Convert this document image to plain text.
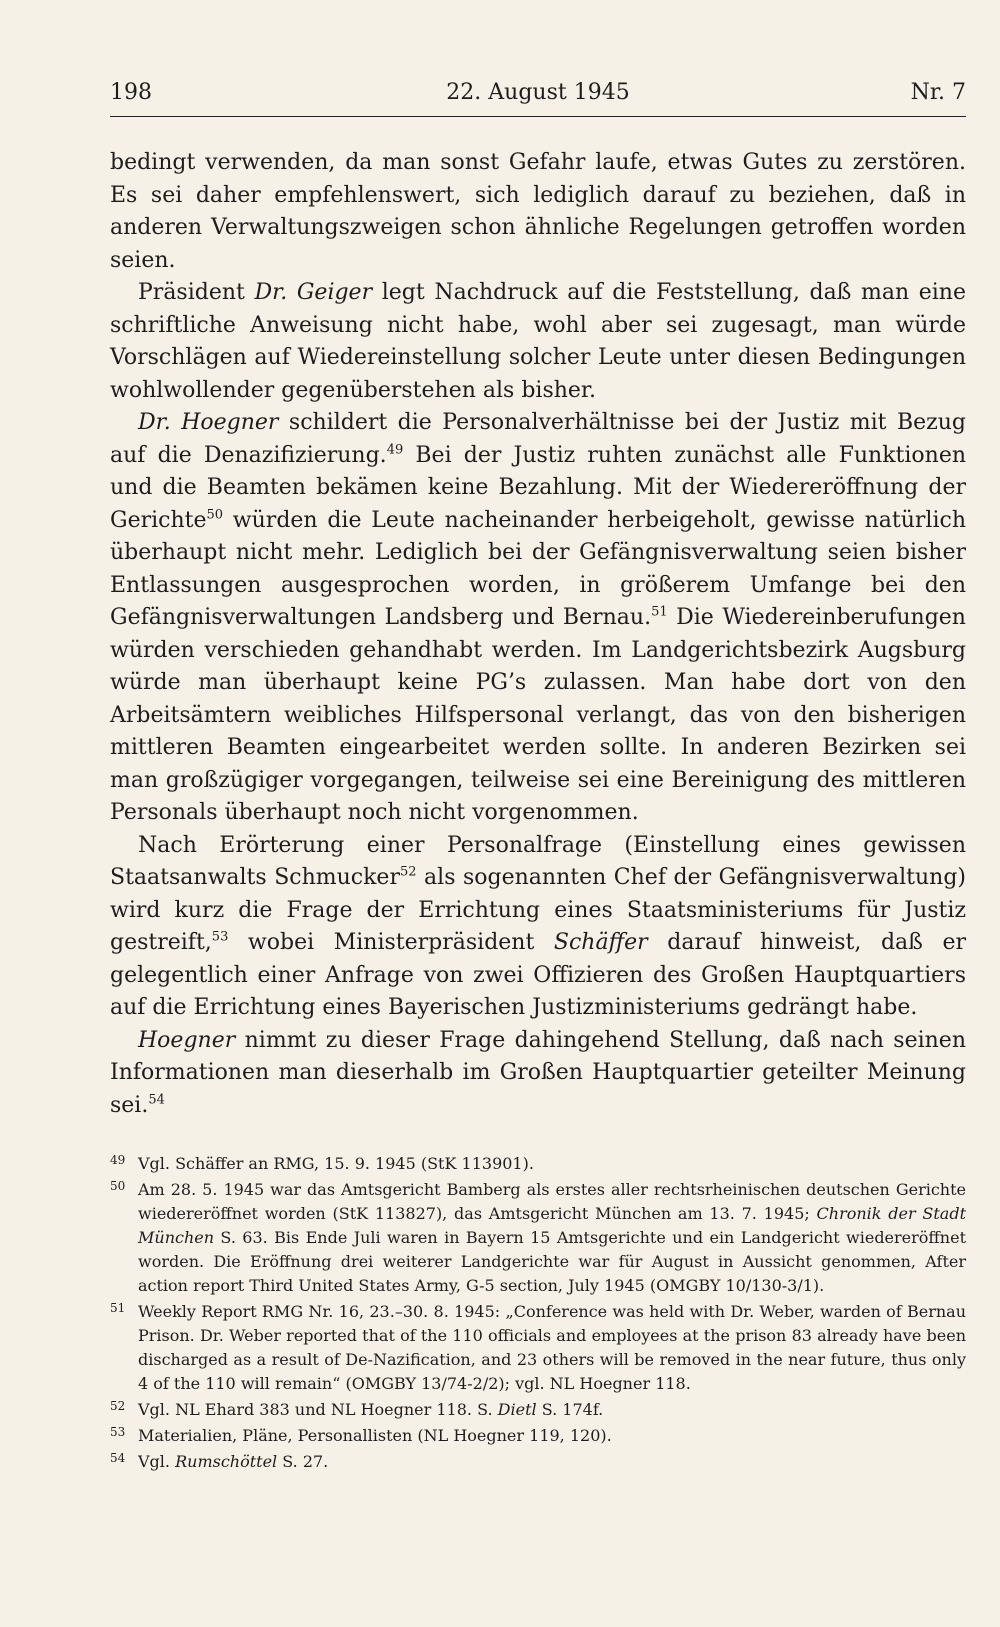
198	22. August 1945	Nr. 7

bedingt verwenden, da man sonst Gefahr laufe, etwas Gutes zu zerstören. Es sei daher empfehlenswert, sich lediglich darauf zu beziehen, daß in anderen Verwaltungszweigen schon ähnliche Regelungen getroffen worden seien.

Präsident Dr. Geiger legt Nachdruck auf die Feststellung, daß man eine schriftliche Anweisung nicht habe, wohl aber sei zugesagt, man würde Vorschlägen auf Wiedereinstellung solcher Leute unter diesen Bedingungen wohlwollender gegenüberstehen als bisher.

Dr. Hoegner schildert die Personalverhältnisse bei der Justiz mit Bezug auf die Denazifizierung.$^{49}$ Bei der Justiz ruhten zunächst alle Funktionen und die Beamten bekämen keine Bezahlung. Mit der Wiedereröffnung der Gerichte$^{50}$ würden die Leute nacheinander herbeigeholt, gewisse natürlich überhaupt nicht mehr. Lediglich bei der Gefängnisverwaltung seien bisher Entlassungen ausgesprochen worden, in größerem Umfange bei den Gefängnisverwaltungen Landsberg und Bernau.$^{51}$ Die Wiedereinberufungen würden verschieden gehandhabt werden. Im Landgerichtsbezirk Augsburg würde man überhaupt keine PG’s zulassen. Man habe dort von den Arbeitsämtern weibliches Hilfspersonal verlangt, das von den bisherigen mittleren Beamten eingearbeitet werden sollte. In anderen Bezirken sei man großzügiger vorgegangen, teilweise sei eine Bereinigung des mittleren Personals überhaupt noch nicht vorgenommen.

Nach Erörterung einer Personalfrage (Einstellung eines gewissen Staatsanwalts Schmucker$^{52}$ als sogenannten Chef der Gefängnisverwaltung) wird kurz die Frage der Errichtung eines Staatsministeriums für Justiz gestreift,$^{53}$ wobei Ministerpräsident Schäffer darauf hinweist, daß er gelegentlich einer Anfrage von zwei Offizieren des Großen Hauptquartiers auf die Errichtung eines Bayerischen Justizministeriums gedrängt habe.

Hoegner nimmt zu dieser Frage dahingehend Stellung, daß nach seinen Informationen man dieserhalb im Großen Hauptquartier geteilter Meinung sei.$^{54}$

49 Vgl. Schäffer an RMG, 15. 9. 1945 (StK 113901).
50 Am 28. 5. 1945 war das Amtsgericht Bamberg als erstes aller rechtsrheinischen deutschen Gerichte wiedereröffnet worden (StK 113827), das Amtsgericht München am 13. 7. 1945; Chronik der Stadt München S. 63. Bis Ende Juli waren in Bayern 15 Amtsgerichte und ein Landgericht wiedereröffnet worden. Die Eröffnung drei weiterer Landgerichte war für August in Aussicht genommen, After action report Third United States Army, G-5 section, July 1945 (OMGBY 10/130-3/1).
51 Weekly Report RMG Nr. 16, 23.–30. 8. 1945: „Conference was held with Dr. Weber, warden of Bernau Prison. Dr. Weber reported that of the 110 officials and employees at the prison 83 already have been discharged as a result of De-Nazification, and 23 others will be removed in the near future, thus only 4 of the 110 will remain“ (OMGBY 13/74-2/2); vgl. NL Hoegner 118.
52 Vgl. NL Ehard 383 und NL Hoegner 118. S. Dietl S. 174f.
53 Materialien, Pläne, Personallisten (NL Hoegner 119, 120).
54 Vgl. Rumschöttel S. 27.
